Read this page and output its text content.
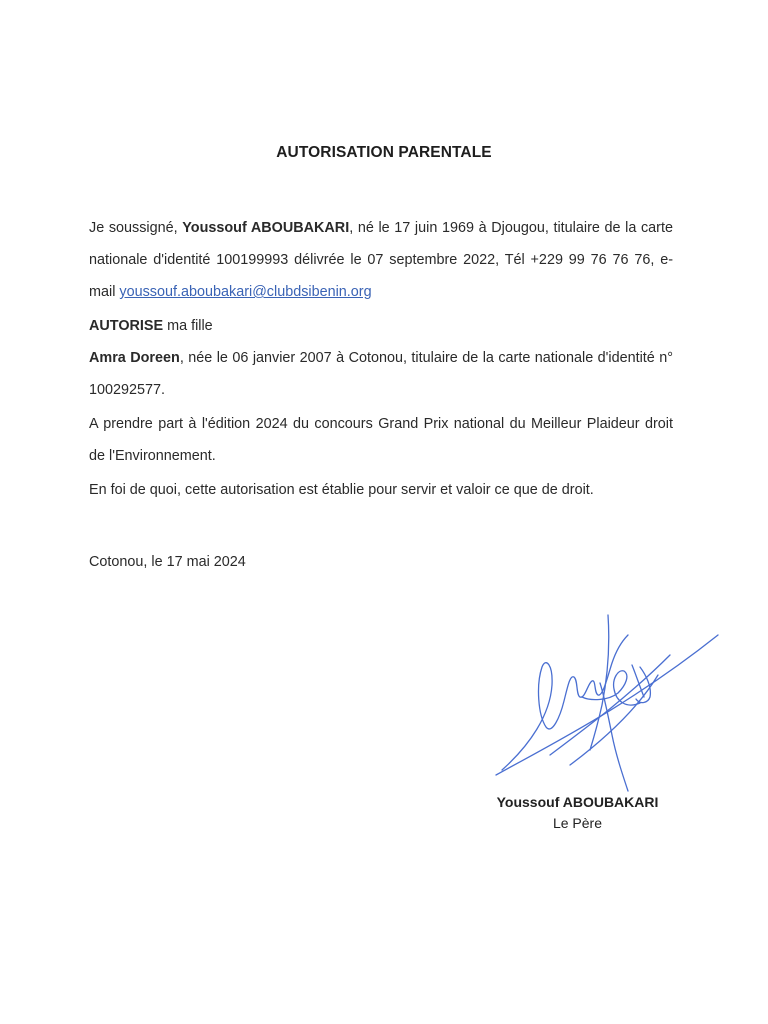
AUTORISATION PARENTALE
Je soussigné, Youssouf ABOUBAKARI, né le 17 juin 1969 à Djougou, titulaire de la carte nationale d'identité 100199993 délivrée le 07 septembre 2022, Tél +229 99 76 76 76, e-mail youssouf.aboubakari@clubdsibenin.org
AUTORISE ma fille
Amra Doreen, née le 06 janvier 2007 à Cotonou, titulaire de la carte nationale d'identité n° 100292577.
A prendre part à l'édition 2024 du concours Grand Prix national du Meilleur Plaideur droit de l'Environnement.
En foi de quoi, cette autorisation est établie pour servir et valoir ce que de droit.
Cotonou, le 17 mai 2024
Youssouf ABOUBAKARI
Le Père
